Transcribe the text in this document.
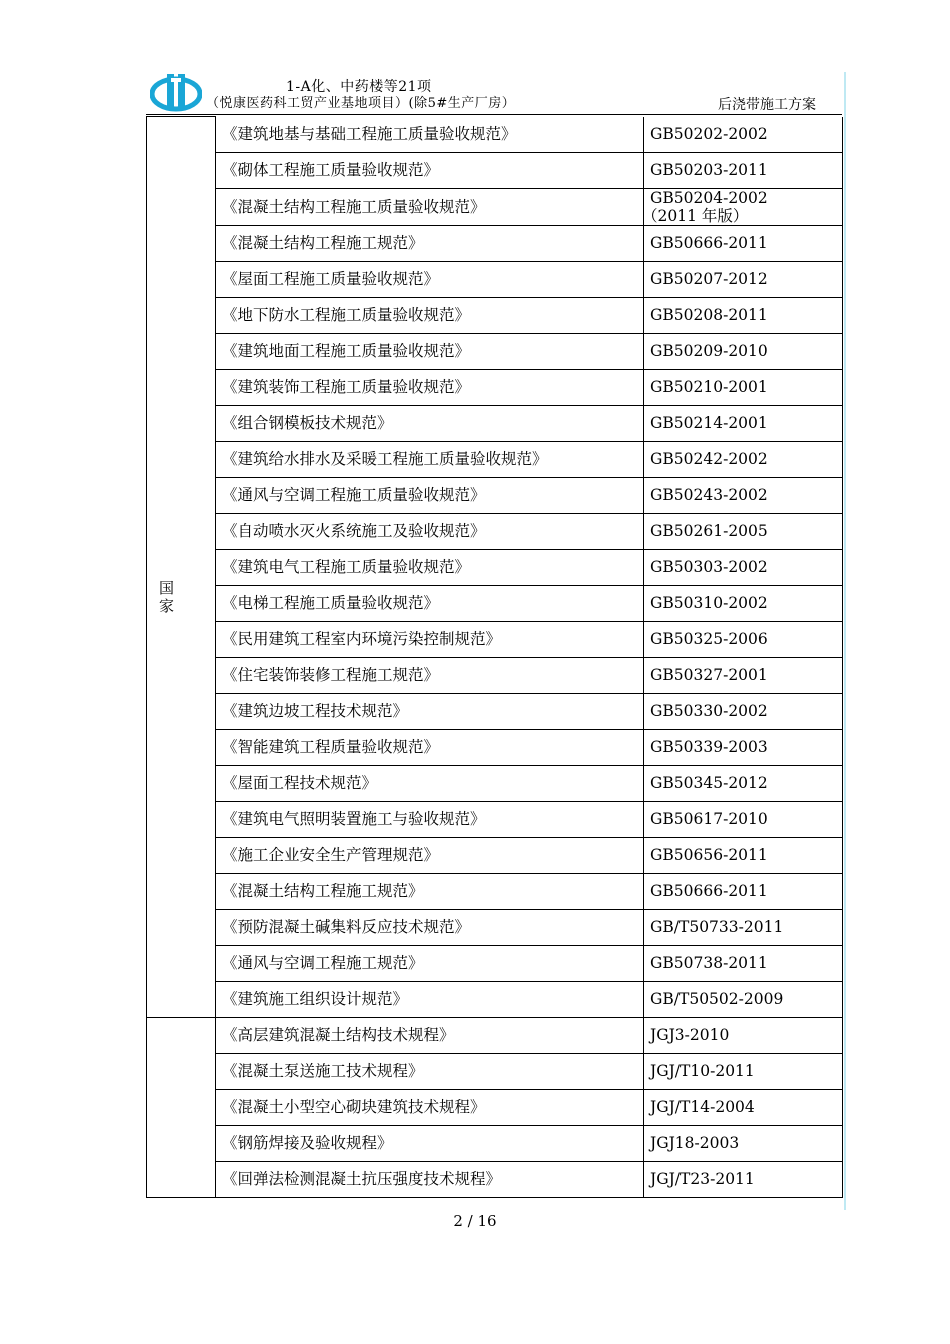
1-A化、中药楼等21项
（悦康医药科工贸产业基地项目）(除5#生产厂房）	后浇带施工方案
国 家	《建筑地基与基础工程施工质量验收规范》	GB50202-2002

	《砌体工程施工质量验收规范》	GB50203-2011

	《混凝土结构工程施工质量验收规范》	GB50204-2002
（2011 年版）

	《混凝土结构工程施工规范》	GB50666-2011

	《屋面工程施工质量验收规范》	GB50207-2012

	《地下防水工程施工质量验收规范》	GB50208-2011

	《建筑地面工程施工质量验收规范》	GB50209-2010

	《建筑装饰工程施工质量验收规范》	GB50210-2001

	《组合钢模板技术规范》	GB50214-2001

	《建筑给水排水及采暖工程施工质量验收规范》	GB50242-2002

	《通风与空调工程施工质量验收规范》	GB50243-2002

	《自动喷水灭火系统施工及验收规范》	GB50261-2005

	《建筑电气工程施工质量验收规范》	GB50303-2002

	《电梯工程施工质量验收规范》	GB50310-2002

	《民用建筑工程室内环境污染控制规范》	GB50325-2006

	《住宅装饰装修工程施工规范》	GB50327-2001

	《建筑边坡工程技术规范》	GB50330-2002

	《智能建筑工程质量验收规范》	GB50339-2003

	《屋面工程技术规范》	GB50345-2012

	《建筑电气照明装置施工与验收规范》	GB50617-2010

	《施工企业安全生产管理规范》	GB50656-2011

	《混凝土结构工程施工规范》	GB50666-2011

	《预防混凝土碱集料反应技术规范》	GB/T50733-2011

	《通风与空调工程施工规范》	GB50738-2011

	《建筑施工组织设计规范》	GB/T50502-2009

	《高层建筑混凝土结构技术规程》	JGJ3-2010

	《混凝土泵送施工技术规程》	JGJ/T10-2011

	《混凝土小型空心砌块建筑技术规程》	JGJ/T14-2004

	《钢筋焊接及验收规程》	JGJ18-2003

	《回弹法检测混凝土抗压强度技术规程》	JGJ/T23-2011
2 / 16
